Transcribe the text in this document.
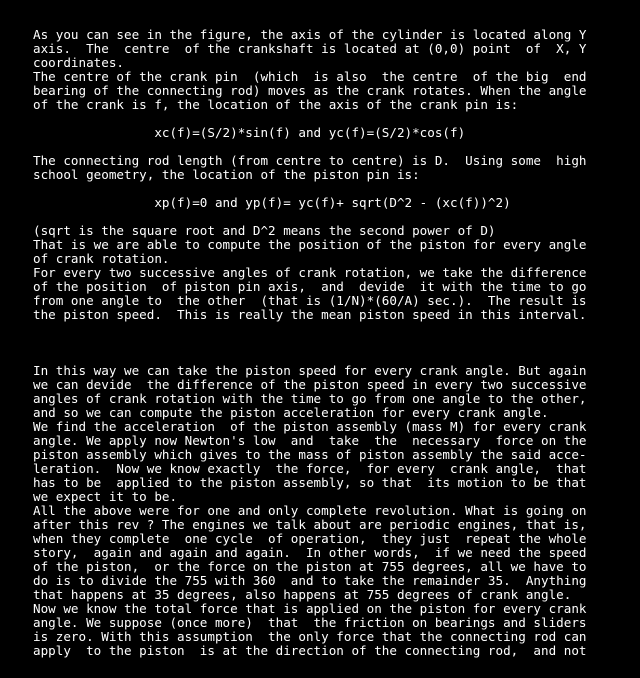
As you can see in the figure, the axis of the cylinder is located along Y
axis.  The  centre  of the crankshaft is located at (0,0) point  of  X, Y
coordinates.
The centre of the crank pin  (which  is also  the centre  of the big  end
bearing of the connecting rod) moves as the crank rotates. When the angle
of the crank is f, the location of the axis of the crank pin is:
xc(f)=(S/2)*sin(f) and yc(f)=(S/2)*cos(f)
The connecting rod length (from centre to centre) is D.  Using some  high
school geometry, the location of the piston pin is:
xp(f)=0 and yp(f)= yc(f)+ sqrt(D^2 - (xc(f))^2)
(sqrt is the square root and D^2 means the second power of D)
That is we are able to compute the position of the piston for every angle
of crank rotation.
For every two successive angles of crank rotation, we take the difference
of the position  of piston pin axis,  and  devide  it with the time to go
from one angle to  the other  (that is (1/N)*(60/A) sec.).  The result is
the piston speed.  This is really the mean piston speed in this interval.
In this way we can take the piston speed for every crank angle. But again
we can devide  the difference of the piston speed in every two successive
angles of crank rotation with the time to go from one angle to the other,
and so we can compute the piston acceleration for every crank angle.
We find the acceleration  of the piston assembly (mass M) for every crank
angle. We apply now Newton's low  and  take  the  necessary  force on the
piston assembly which gives to the mass of piston assembly the said acce-
leration.  Now we know exactly  the force,  for every  crank angle,  that
has to be  applied to the piston assembly, so that  its motion to be that
we expect it to be.
All the above were for one and only complete revolution. What is going on
after this rev ? The engines we talk about are periodic engines, that is,
when they complete  one cycle  of operation,  they just  repeat the whole
story,  again and again and again.  In other words,  if we need the speed
of the piston,  or the force on the piston at 755 degrees, all we have to
do is to divide the 755 with 360  and to take the remainder 35.  Anything
that happens at 35 degrees, also happens at 755 degrees of crank angle.
Now we know the total force that is applied on the piston for every crank
angle. We suppose (once more)  that  the friction on bearings and sliders
is zero. With this assumption  the only force that the connecting rod can
apply  to the piston  is at the direction of the connecting rod,  and not
